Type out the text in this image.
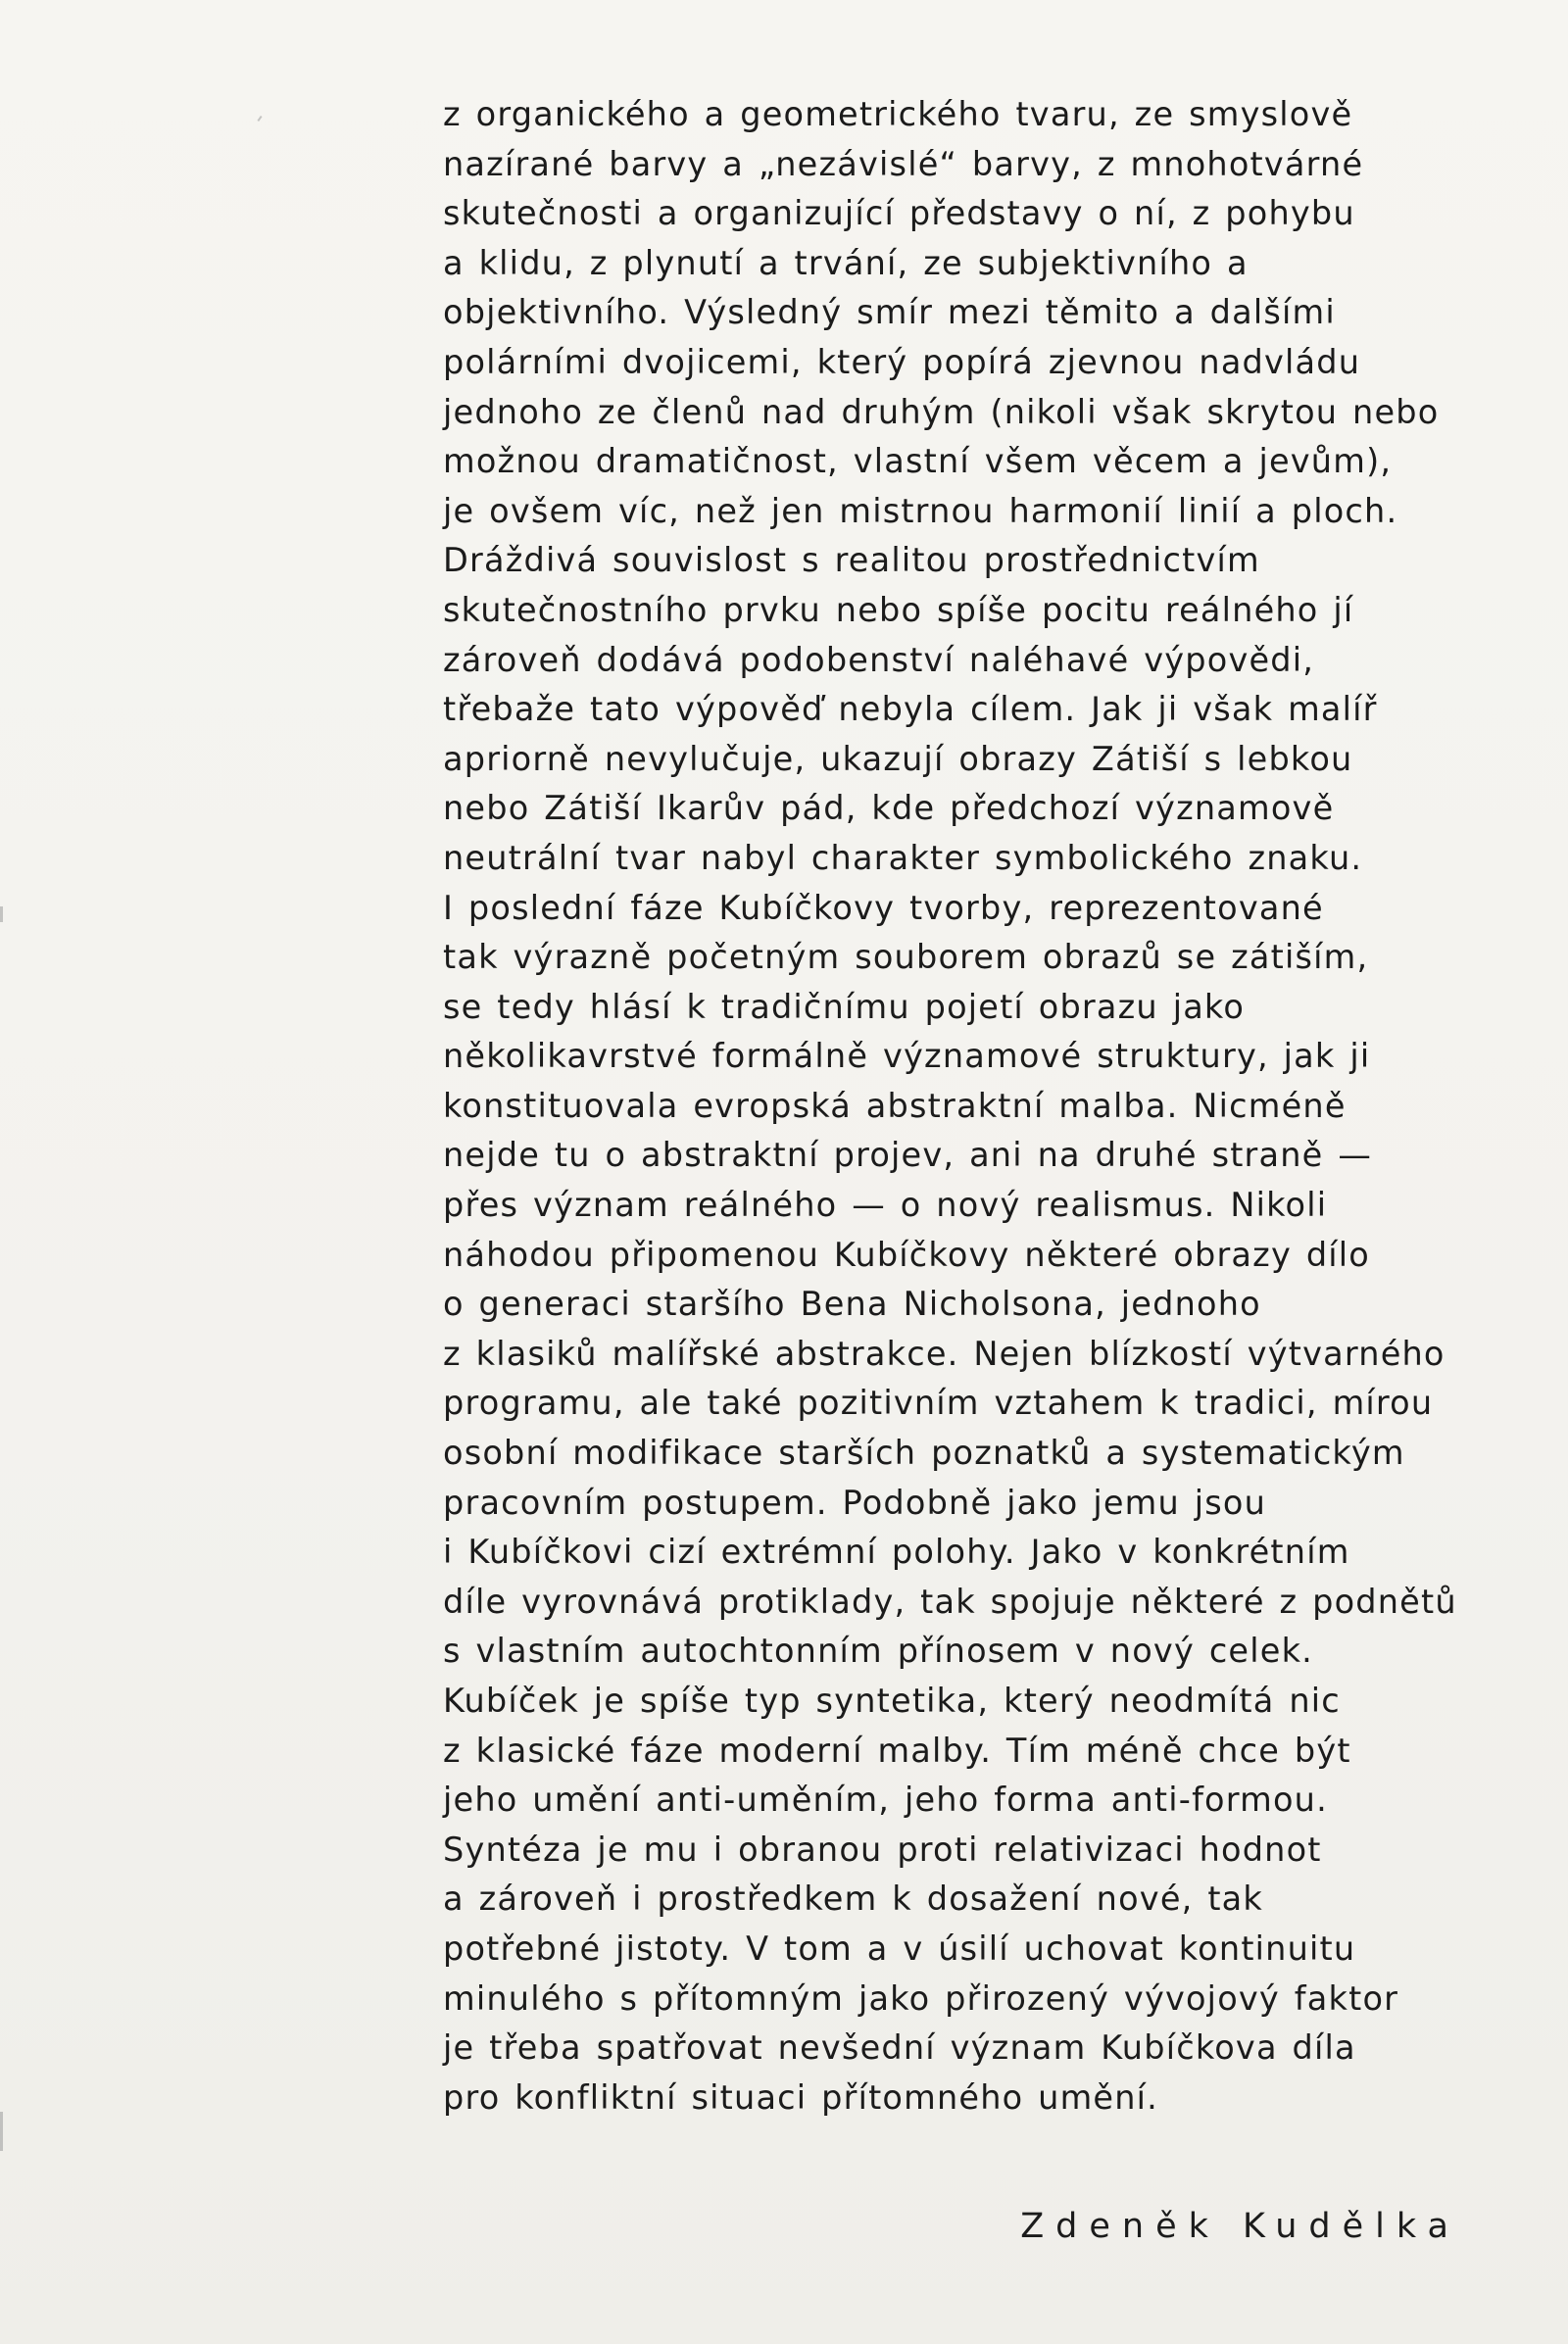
z organického a geometrického tvaru, ze smyslově
nazírané barvy a „nezávislé“ barvy, z mnohotvárné
skutečnosti a organizující představy o ní, z pohybu
a klidu, z plynutí a trvání, ze subjektivního a
objektivního. Výsledný smír mezi těmito a dalšími
polárními dvojicemi, který popírá zjevnou nadvládu
jednoho ze členů nad druhým (nikoli však skrytou nebo
možnou dramatičnost, vlastní všem věcem a jevům),
je ovšem víc, než jen mistrnou harmonií linií a ploch.
Dráždivá souvislost s realitou prostřednictvím
skutečnostního prvku nebo spíše pocitu reálného jí
zároveň dodává podobenství naléhavé výpovědi,
třebaže tato výpověď nebyla cílem. Jak ji však malíř
apriorně nevylučuje, ukazují obrazy Zátiší s lebkou
nebo Zátiší Ikarův pád, kde předchozí významově
neutrální tvar nabyl charakter symbolického znaku.
I poslední fáze Kubíčkovy tvorby, reprezentované
tak výrazně početným souborem obrazů se zátiším,
se tedy hlásí k tradičnímu pojetí obrazu jako
několikavrstvé formálně významové struktury, jak ji
konstituovala evropská abstraktní malba. Nicméně
nejde tu o abstraktní projev, ani na druhé straně —
přes význam reálného — o nový realismus. Nikoli
náhodou připomenou Kubíčkovy některé obrazy dílo
o generaci staršího Bena Nicholsona, jednoho
z klasiků malířské abstrakce. Nejen blízkostí výtvarného
programu, ale také pozitivním vztahem k tradici, mírou
osobní modifikace starších poznatků a systematickým
pracovním postupem. Podobně jako jemu jsou
i Kubíčkovi cizí extrémní polohy. Jako v konkrétním
díle vyrovnává protiklady, tak spojuje některé z podnětů
s vlastním autochtonním přínosem v nový celek.
Kubíček je spíše typ syntetika, který neodmítá nic
z klasické fáze moderní malby. Tím méně chce být
jeho umění anti-uměním, jeho forma anti-formou.
Syntéza je mu i obranou proti relativizaci hodnot
a zároveň i prostředkem k dosažení nové, tak
potřebné jistoty. V tom a v úsilí uchovat kontinuitu
minulého s přítomným jako přirozený vývojový faktor
je třeba spatřovat nevšední význam Kubíčkova díla
pro konfliktní situaci přítomného umění.
Zdeněk Kudělka
